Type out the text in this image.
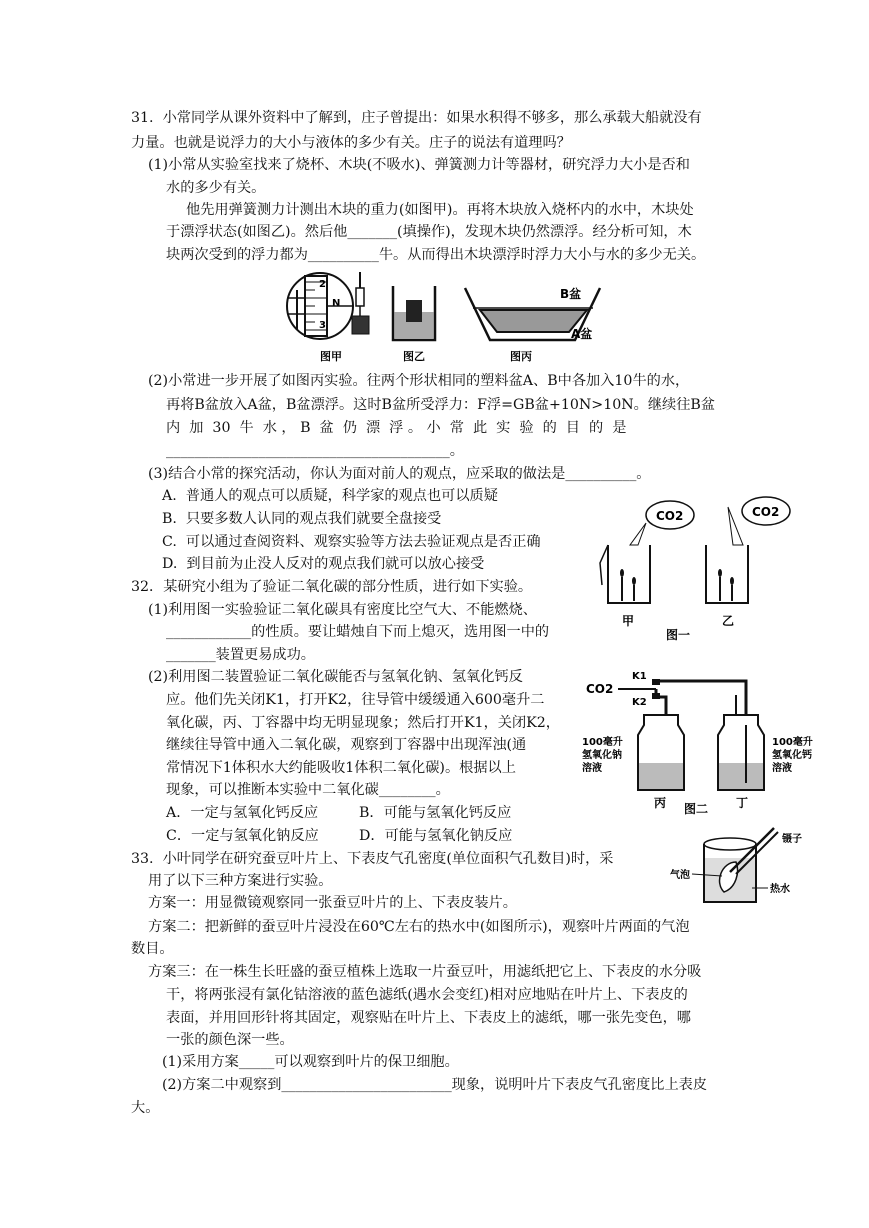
31.  小常同学从课外资料中了解到，庄子曾提出：如果水积得不够多，那么承载大船就没有
力量。也就是说浮力的大小与液体的多少有关。庄子的说法有道理吗？
(1)小常从实验室找来了烧杯、木块(不吸水)、弹簧测力计等器材，研究浮力大小是否和
水的多少有关。
他先用弹簧测力计测出木块的重力(如图甲)。再将木块放入烧杯内的水中，木块处
于漂浮状态(如图乙)。然后他_______(填操作)，发现木块仍然漂浮。经分析可知，木
块两次受到的浮力都为__________牛。从而得出木块漂浮时浮力大小与水的多少无关。
2
N
3
图甲	图乙
B盆
A盆
图丙
(2)小常进一步开展了如图丙实验。往两个形状相同的塑料盆A、B中各加入10牛的水，
再将B盆放入A盆，B盆漂浮。这时B盆所受浮力：F浮=GB盆+10N>10N。继续往B盆
内  加  30  牛  水 ， B  盆  仍  漂  浮 。 小  常  此  实  验  的  目  的  是
________________________________________。
(3)结合小常的探究活动，你认为面对前人的观点，应采取的做法是__________。
A.  普通人的观点可以质疑，科学家的观点也可以质疑
B.  只要多数人认同的观点我们就要全盘接受
C.  可以通过查阅资料、观察实验等方法去验证观点是否正确
D.  到目前为止没人反对的观点我们就可以放心接受
CO2
甲
CO2
乙
图一
32．某研究小组为了验证二氧化碳的部分性质，进行如下实验。
(1)利用图一实验验证二氧化碳具有密度比空气大、不能燃烧、
____________的性质。要让蜡烛自下而上熄灭，选用图一中的
_______装置更易成功。
(2)利用图二装置验证二氧化碳能否与氢氧化钠、氢氧化钙反
应。他们先关闭K1，打开K2，往导管中缓缓通入600毫升二
氧化碳，丙、丁容器中均无明显现象；然后打开K1，关闭K2，
继续往导管中通入二氧化碳，观察到丁容器中出现浑浊(通
常情况下1体积水大约能吸收1体积二氧化碳)。根据以上
现象，可以推断本实验中二氧化碳________。
A．一定与氢氧化钙反应	B．可能与氢氧化钙反应
C．一定与氢氧化钠反应	D．可能与氢氧化钠反应
CO2
K1
K2
100毫升
氢氧化钠
溶液
100毫升
氢氧化钙
溶液
丙	丁
图二
33.  小叶同学在研究蚕豆叶片上、下表皮气孔密度(单位面积气孔数目)时，采
用了以下三种方案进行实验。
方案一：用显微镜观察同一张蚕豆叶片的上、下表皮装片。
方案二：把新鲜的蚕豆叶片浸没在60℃左右的热水中(如图所示)，观察叶片两面的气泡
数目。
方案三：在一株生长旺盛的蚕豆植株上选取一片蚕豆叶，用滤纸把它上、下表皮的水分吸
干，将两张浸有氯化钴溶液的蓝色滤纸(遇水会变红)相对应地贴在叶片上、下表皮的
表面，并用回形针将其固定，观察贴在叶片上、下表皮上的滤纸，哪一张先变色，哪
一张的颜色深一些。
(1)采用方案_____可以观察到叶片的保卫细胞。
(2)方案二中观察到________________________现象，说明叶片下表皮气孔密度比上表皮
大。
镊子
气泡
热水
